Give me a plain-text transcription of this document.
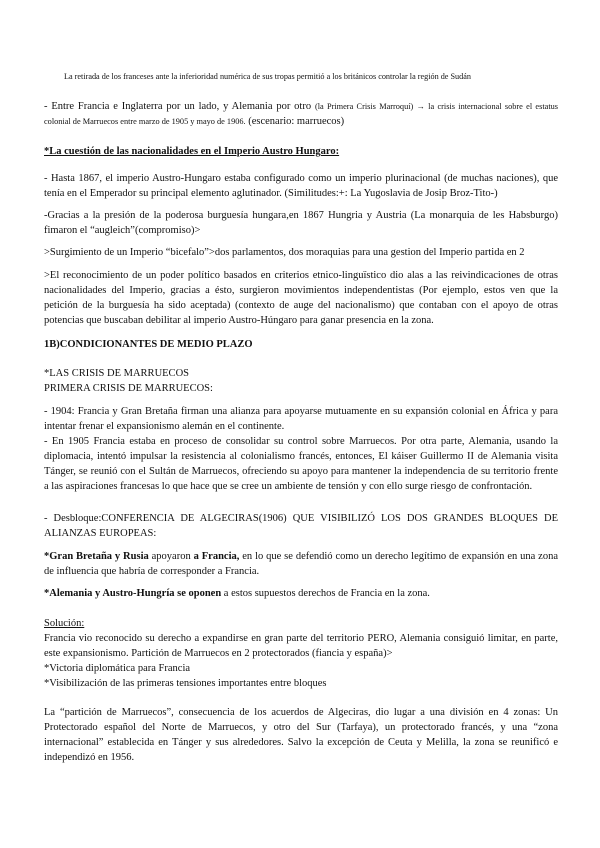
La retirada de los franceses ante la inferioridad numérica de sus tropas permitió a los británicos controlar la región de Sudán

- Entre Francia e Inglaterra por un lado, y Alemania por otro (la Primera Crisis Marroquí) → la crisis internacional sobre el estatus colonial de Marruecos entre marzo de 1905 y mayo de 1906. (escenario: marruecos)

*La cuestión de las nacionalidades en el Imperio Austro Hungaro:

- Hasta 1867, el imperio Austro-Hungaro estaba configurado como un imperio plurinacional (de muchas naciones), que tenía en el Emperador su principal elemento aglutinador. (Similitudes:+: La Yugoslavia de Josip Broz-Tito-)

-Gracias a la presión de la poderosa burguesía hungara,en 1867 Hungria y Austria (La monarquia de les Habsburgo) fimaron el “augleich”(compromiso)>

>Surgimiento de un Imperio “bicefalo”>dos parlamentos, dos moraquias para una gestion del Imperio partida en 2

>El reconocimiento de un poder político basados en criterios etnico-linguïstico dio alas a las reivindicaciones de otras nacionalidades del Imperio, gracias a ésto, surgieron movimientos independentistas (Por ejemplo, estos ven que la petición de la burguesía ha sido aceptada) (contexto de auge del nacionalismo) que contaban con el apoyo de otras potencias que buscaban debilitar al imperio Austro-Húngaro para ganar presencia en la zona.

1B)CONDICIONANTES DE MEDIO PLAZO

*LAS CRISIS DE MARRUECOS
PRIMERA CRISIS DE MARRUECOS:

- 1904: Francia y Gran Bretaña firman una alianza para apoyarse mutuamente en su expansión colonial en África y para intentar frenar el expansionismo alemán en el continente.

- En 1905 Francia estaba en proceso de consolidar su control sobre Marruecos. Por otra parte, Alemania, usando la diplomacia, intentó impulsar la resistencia al colonialismo francés, entonces, El káiser Guillermo II de Alemania visita Tánger, se reunió con el Sultán de Marruecos, ofreciendo su apoyo para mantener la independencia de su territorio frente a las aspiraciones francesas lo que hace que se cree un ambiente de tensión y con ello surge riesgo de confrontación.

- Desbloque:CONFERENCIA DE ALGECIRAS(1906) QUE VISIBILIZÓ LOS DOS GRANDES BLOQUES DE ALIANZAS EUROPEAS:

*Gran Bretaña y Rusia apoyaron a Francia, en lo que se defendió como un derecho legítimo de expansión en una zona de influencia que habría de corresponder a Francia.

*Alemania y Austro-Hungría se oponen a estos supuestos derechos de Francia en la zona.

Solución:

Francia vio reconocido su derecho a expandirse en gran parte del territorio PERO, Alemania consiguió limitar, en parte, este expansionismo. Partición de Marruecos en 2 protectorados (fiancia y españa)>

*Victoria diplomática para Francia

*Visibilización de las primeras tensiones importantes entre bloques

La “partición de Marruecos”, consecuencia de los acuerdos de Algeciras, dio lugar a una división en 4 zonas: Un Protectorado español del Norte de Marruecos, y otro del Sur (Tarfaya), un protectorado francés, y una “zona internacional” establecida en Tánger y sus alrededores. Salvo la excepción de Ceuta y Melilla, la zona se reunificó e independizó en 1956.
